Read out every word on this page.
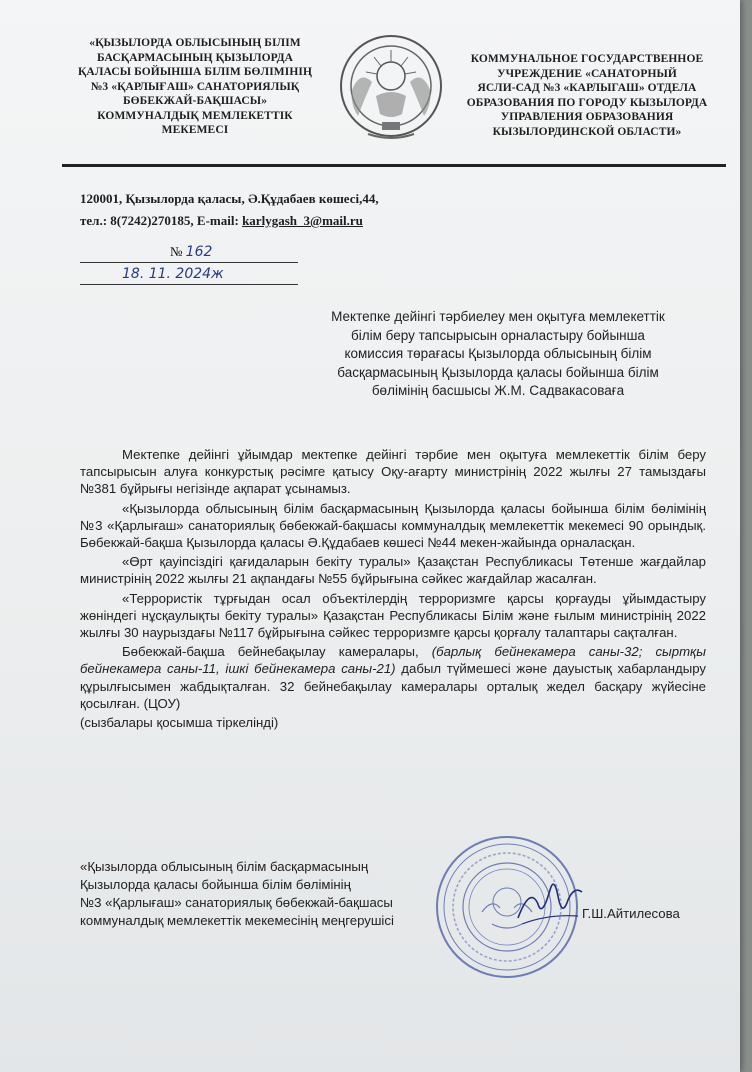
«ҚЫЗЫЛОРДА ОБЛЫСЫНЫҢ БІЛІМ
БАСҚАРМАСЫНЫҢ ҚЫЗЫЛОРДА
ҚАЛАСЫ БОЙЫНША БІЛІМ БӨЛІМІНІҢ
№3 «ҚАРЛЫҒАШ» САНАТОРИЯЛЫҚ
БӨБЕКЖАЙ-БАҚШАСЫ»
КОММУНАЛДЫҚ МЕМЛЕКЕТТІК
МЕКЕМЕСІ
КОММУНАЛЬНОЕ ГОСУДАРСТВЕННОЕ
УЧРЕЖДЕНИЕ «САНАТОРНЫЙ
ЯСЛИ-САД №3 «КАРЛЫГАШ» ОТДЕЛА
ОБРАЗОВАНИЯ ПО ГОРОДУ КЫЗЫЛОРДА
УПРАВЛЕНИЯ ОБРАЗОВАНИЯ
КЫЗЫЛОРДИНСКОЙ ОБЛАСТИ»
120001, Қызылорда қаласы, Ә.Құдабаев көшесі,44,
тел.: 8(7242)270185, E-mail: karlygash_3@mail.ru
№ 162
18. 11. 2024ж
Мектепке дейінгі тәрбиелеу мен оқытуға мемлекеттік
білім беру тапсырысын орналастыру бойынша
комиссия төрағасы Қызылорда облысының білім
басқармасының Қызылорда қаласы бойынша білім
бөлімінің басшысы Ж.М. Садвакасоваға

Мектепке дейінгі ұйымдар мектепке дейінгі тәрбие мен оқытуға мемлекеттік білім беру тапсырысын алуға конкурстық рәсімге қатысу Оқу-ағарту министрінің 2022 жылғы 27 тамыздағы №381 бұйрығы негізінде ақпарат ұсынамыз.

«Қызылорда облысының білім басқармасының Қызылорда қаласы бойынша білім бөлімінің №3 «Қарлығаш» санаториялық бөбекжай-бақшасы коммуналдық мемлекеттік мекемесі 90 орындық. Бөбекжай-бақша Қызылорда қаласы Ә.Құдабаев көшесі №44 мекен-жайында орналасқан.

«Өрт қауіпсіздігі қағидаларын бекіту туралы» Қазақстан Республикасы Төтенше жағдайлар министрінің 2022 жылғы 21 ақпандағы №55 бұйрығына сәйкес жағдайлар жасалған.

«Террористік тұрғыдан осал объектілердің терроризмге қарсы қорғауды ұйымдастыру жөніндегі нұсқаулықты бекіту туралы» Қазақстан Республикасы Білім және ғылым министрінің 2022 жылғы 30 наурыздағы №117 бұйрығына сәйкес терроризмге қарсы қорғалу талаптары сақталған.

Бөбекжай-бақша бейнебақылау камералары, (барлық бейнекамера саны-32; сыртқы бейнекамера саны-11, ішкі бейнекамера саны-21) дабыл түймешесі және дауыстық хабарландыру құрылғысымен жабдықталған. 32 бейнебақылау камералары орталық жедел басқару жүйесіне қосылған. (ЦОУ)

(сызбалары қосымша тіркелінді)

«Қызылорда облысының білім басқармасының
Қызылорда қаласы бойынша білім бөлімінің
№3 «Қарлығаш» санаториялық бөбекжай-бақшасы
коммуналдық мемлекеттік мекемесінің меңгерушісі	Г.Ш.Айтилесова
